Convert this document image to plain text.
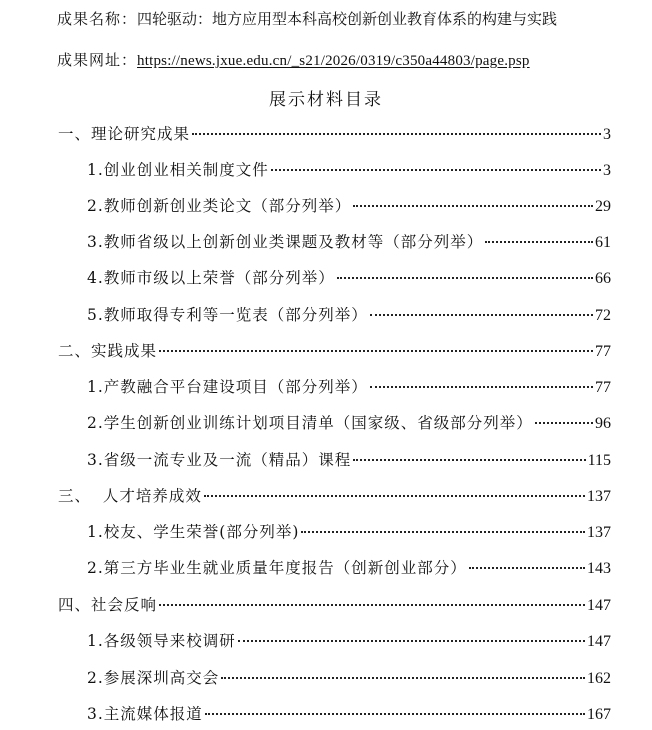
成果名称：四轮驱动：地方应用型本科高校创新创业教育体系的构建与实践
成果网址：https://news.jxue.edu.cn/_s21/2026/0319/c350a44803/page.psp
展示材料目录
一、理论研究成果	3
1.创业创业相关制度文件	3
2.教师创新创业类论文（部分列举）	29
3.教师省级以上创新创业类课题及教材等（部分列举）	61
4.教师市级以上荣誉（部分列举）	66
5.教师取得专利等一览表（部分列举）	72
二、实践成果	77
1.产教融合平台建设项目（部分列举）	77
2.学生创新创业训练计划项目清单（国家级、省级部分列举）	96
3.省级一流专业及一流（精品）课程	115
三、  人才培养成效	137
1.校友、学生荣誉(部分列举)	137
2.第三方毕业生就业质量年度报告（创新创业部分）	143
四、社会反响	147
1.各级领导来校调研	147
2.参展深圳高交会	162
3.主流媒体报道	167
